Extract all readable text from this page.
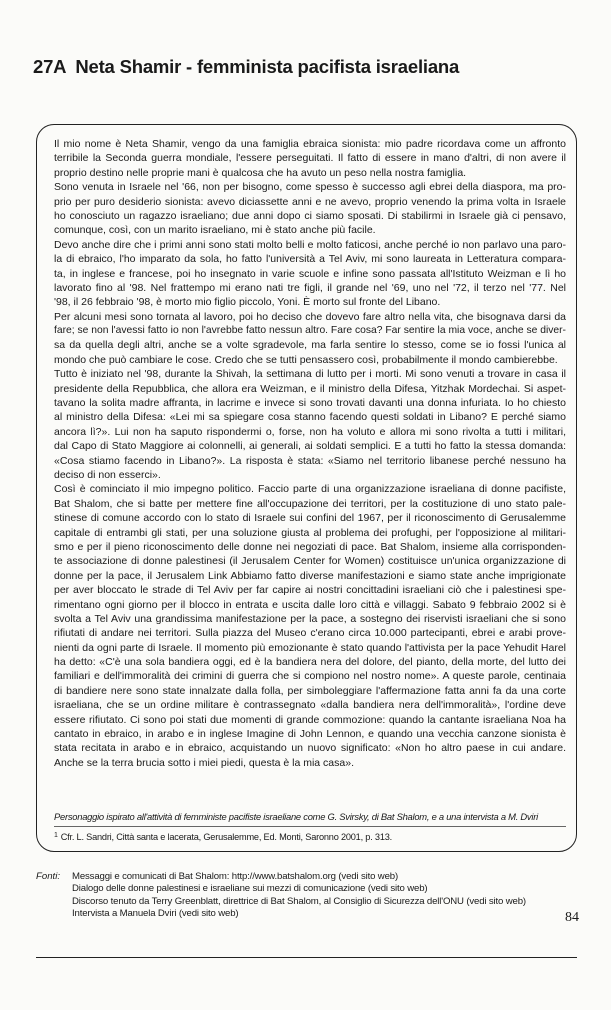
27A Neta Shamir - femminista pacifista israeliana
Il mio nome è Neta Shamir, vengo da una famiglia ebraica sionista: mio padre ricordava come un affronto
terribile la Seconda guerra mondiale, l'essere perseguitati. Il fatto di essere in mano d'altri, di non avere il
proprio destino nelle proprie mani è qualcosa che ha avuto un peso nella nostra famiglia.
Sono venuta in Israele nel '66, non per bisogno, come spesso è successo agli ebrei della diaspora, ma pro-
prio per puro desiderio sionista: avevo diciassette anni e ne avevo, proprio venendo la prima volta in Israele
ho conosciuto un ragazzo israeliano; due anni dopo ci siamo sposati. Di stabilirmi in Israele già ci pensavo,
comunque, così, con un marito israeliano, mi è stato anche più facile.
Devo anche dire che i primi anni sono stati molto belli e molto faticosi, anche perché io non parlavo una paro-
la di ebraico, l'ho imparato da sola, ho fatto l'università a Tel Aviv, mi sono laureata in Letteratura compara-
ta, in inglese e francese, poi ho insegnato in varie scuole e infine sono passata all'Istituto Weizman e lì ho
lavorato fino al '98. Nel frattempo mi erano nati tre figli, il grande nel '69, uno nel '72, il terzo nel '77. Nel
'98, il 26 febbraio '98, è morto mio figlio piccolo, Yoni. È morto sul fronte del Libano.
Per alcuni mesi sono tornata al lavoro, poi ho deciso che dovevo fare altro nella vita, che bisognava darsi da
fare; se non l'avessi fatto io non l'avrebbe fatto nessun altro. Fare cosa? Far sentire la mia voce, anche se diver-
sa da quella degli altri, anche se a volte sgradevole, ma farla sentire lo stesso, come se io fossi l'unica al
mondo che può cambiare le cose. Credo che se tutti pensassero così, probabilmente il mondo cambierebbe.
Tutto è iniziato nel '98, durante la Shivah, la settimana di lutto per i morti. Mi sono venuti a trovare in casa il
presidente della Repubblica, che allora era Weizman, e il ministro della Difesa, Yitzhak Mordechai. Si aspet-
tavano la solita madre affranta, in lacrime e invece si sono trovati davanti una donna infuriata. Io ho chiesto
al ministro della Difesa: «Lei mi sa spiegare cosa stanno facendo questi soldati in Libano? E perché siamo
ancora lì?». Lui non ha saputo rispondermi o, forse, non ha voluto e allora mi sono rivolta a tutti i militari,
dal Capo di Stato Maggiore ai colonnelli, ai generali, ai soldati semplici. E a tutti ho fatto la stessa domanda:
«Cosa stiamo facendo in Libano?». La risposta è stata: «Siamo nel territorio libanese perché nessuno ha
deciso di non esserci».
Così è cominciato il mio impegno politico. Faccio parte di una organizzazione israeliana di donne pacifiste,
Bat Shalom, che si batte per mettere fine all'occupazione dei territori, per la costituzione di uno stato pale-
stinese di comune accordo con lo stato di Israele sui confini del 1967, per il riconoscimento di Gerusalemme
capitale di entrambi gli stati, per una soluzione giusta al problema dei profughi, per l'opposizione al militari-
smo e per il pieno riconoscimento delle donne nei negoziati di pace. Bat Shalom, insieme alla corrisponden-
te associazione di donne palestinesi (il Jerusalem Center for Women) costituisce un'unica organizzazione di
donne per la pace, il Jerusalem Link Abbiamo fatto diverse manifestazioni e siamo state anche imprigionate
per aver bloccato le strade di Tel Aviv per far capire ai nostri concittadini israeliani ciò che i palestinesi spe-
rimentano ogni giorno per il blocco in entrata e uscita dalle loro città e villaggi. Sabato 9 febbraio 2002 si è
svolta a Tel Aviv una grandissima manifestazione per la pace, a sostegno dei riservisti israeliani che si sono
rifiutati di andare nei territori. Sulla piazza del Museo c'erano circa 10.000 partecipanti, ebrei e arabi prove-
nienti da ogni parte di Israele. Il momento più emozionante è stato quando l'attivista per la pace Yehudit Harel
ha detto: «C'è una sola bandiera oggi, ed è la bandiera nera del dolore, del pianto, della morte, del lutto dei
familiari e dell'immoralità dei crimini di guerra che si compiono nel nostro nome». A queste parole, centinaia
di bandiere nere sono state innalzate dalla folla, per simboleggiare l'affermazione fatta anni fa da una corte
israeliana, che se un ordine militare è contrassegnato «dalla bandiera nera dell'immoralità», l'ordine deve
essere rifiutato. Ci sono poi stati due momenti di grande commozione: quando la cantante israeliana Noa ha
cantato in ebraico, in arabo e in inglese Imagine di John Lennon, e quando una vecchia canzone sionista è
stata recitata in arabo e in ebraico, acquistando un nuovo significato: «Non ho altro paese in cui andare.
Anche se la terra brucia sotto i miei piedi, questa è la mia casa».
Personaggio ispirato all'attività di femministe pacifiste israeliane come G. Svirsky, di Bat Shalom, e a una intervista a M. Dviri
$^1$ Cfr. L. Sandri, Città santa e lacerata, Gerusalemme, Ed. Monti, Saronno 2001, p. 313.
Fonti: Messaggi e comunicati di Bat Shalom: http://www.batshalom.org (vedi sito web)
Dialogo delle donne palestinesi e israeliane sui mezzi di comunicazione (vedi sito web)
Discorso tenuto da Terry Greenblatt, direttrice di Bat Shalom, al Consiglio di Sicurezza dell'ONU (vedi sito web)
Intervista a Manuela Dviri (vedi sito web)	84
